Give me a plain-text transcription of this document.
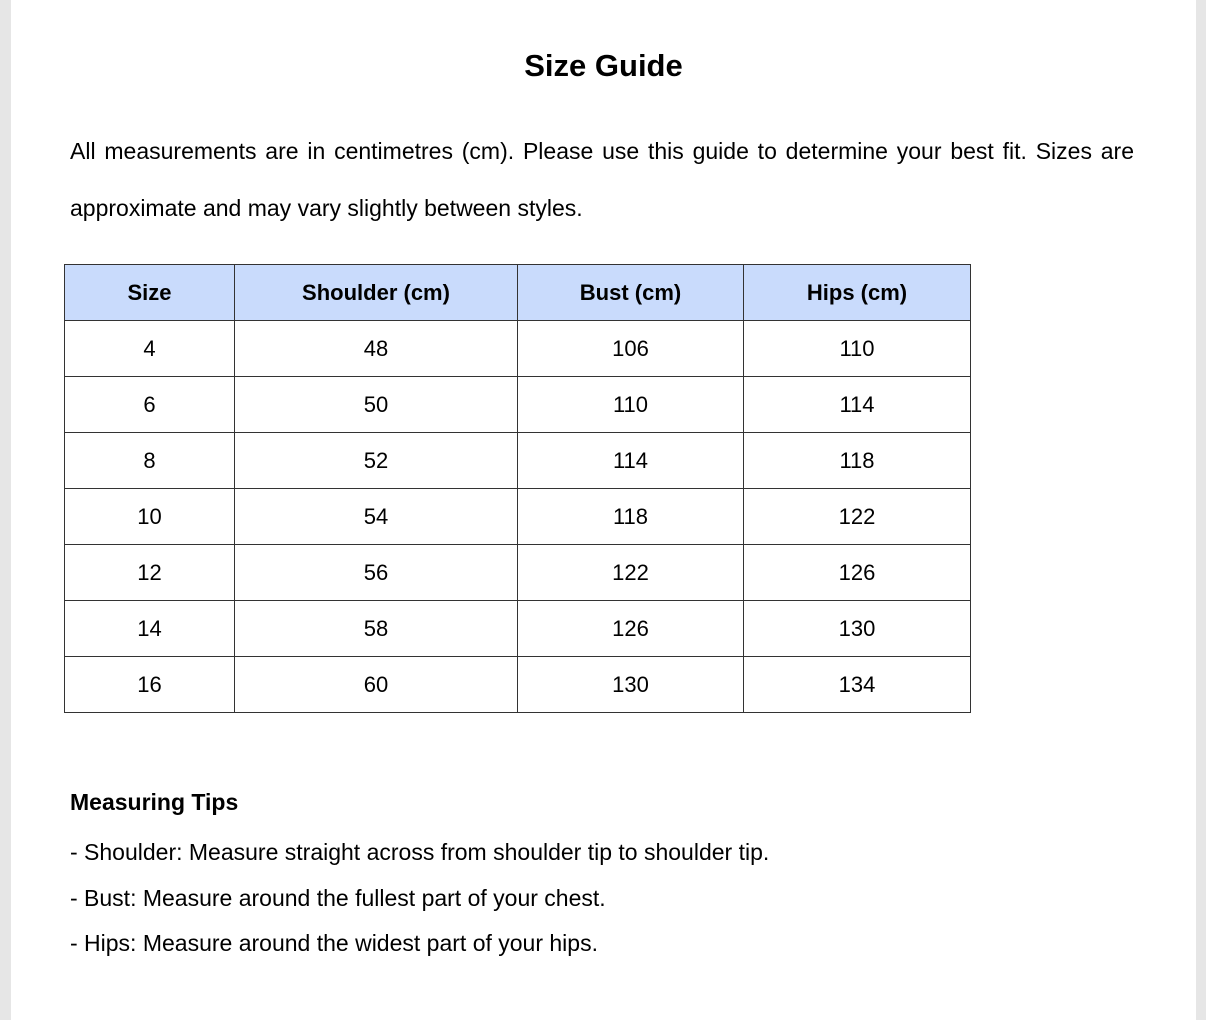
Size Guide
All measurements are in centimetres (cm). Please use this guide to determine your best fit. Sizes are approximate and may vary slightly between styles.
Size	Shoulder (cm)	Bust (cm)	Hips (cm)
4	48	106	110
6	50	110	114
8	52	114	118
10	54	118	122
12	56	122	126
14	58	126	130
16	60	130	134
Measuring Tips
- Shoulder: Measure straight across from shoulder tip to shoulder tip.
- Bust: Measure around the fullest part of your chest.
- Hips: Measure around the widest part of your hips.
